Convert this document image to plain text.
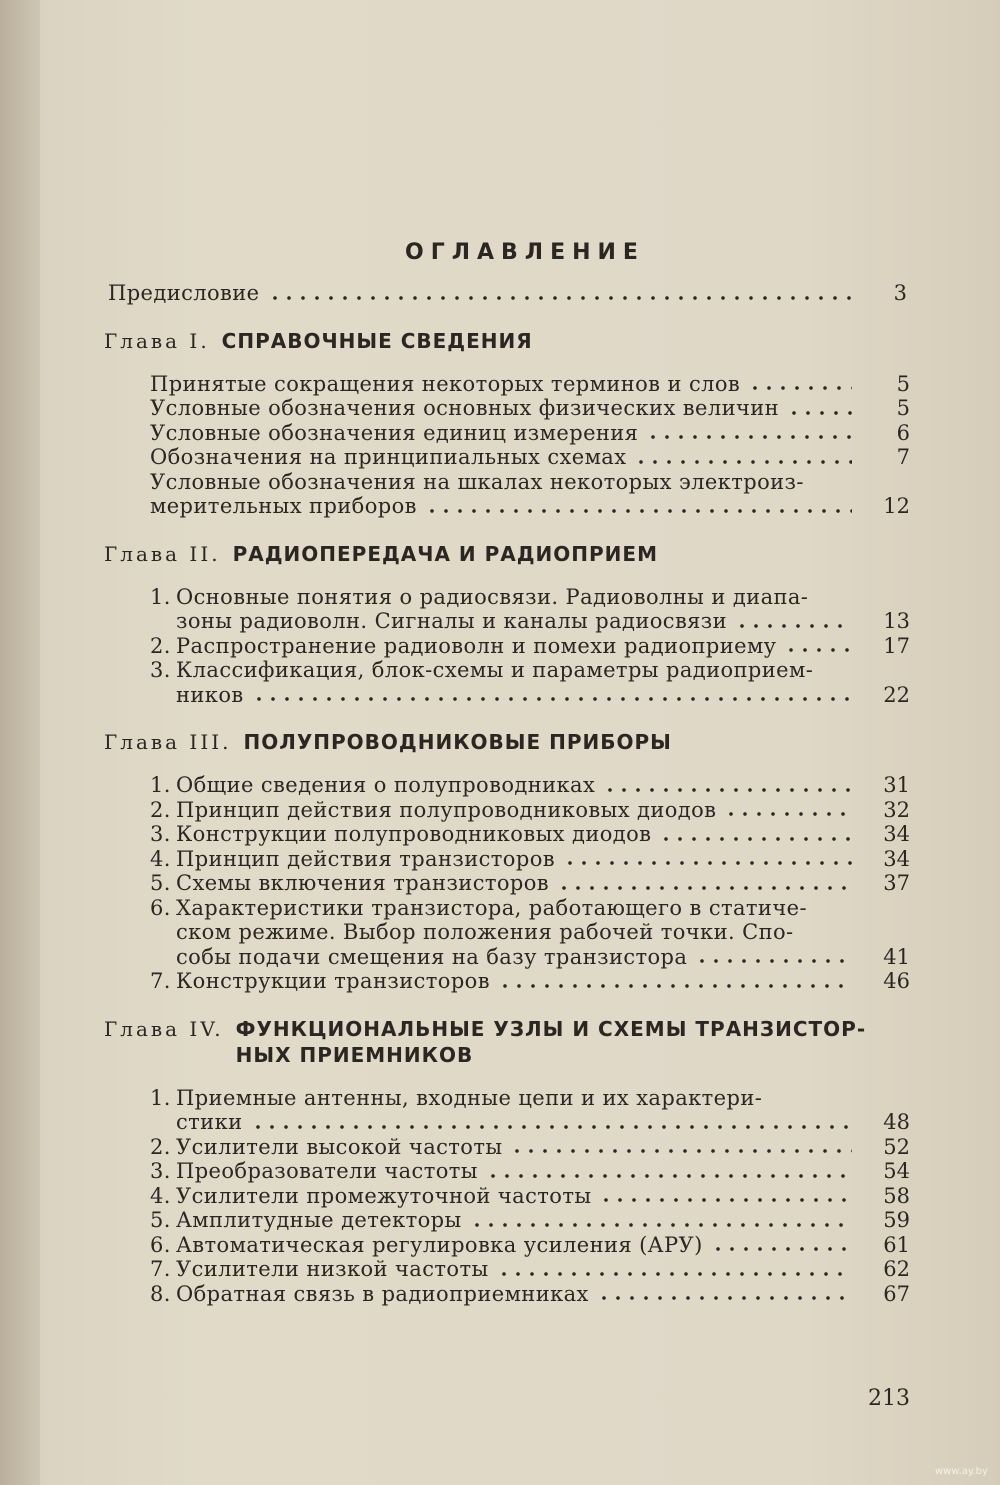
ОГЛАВЛЕНИЕ
Предисловие	3
Глава I. СПРАВОЧНЫЕ СВЕДЕНИЯ
Принятые сокращения некоторых терминов и слов	5
Условные обозначения основных физических величин	5
Условные обозначения единиц измерения	6
Обозначения на принципиальных схемах	7
Условные обозначения на шкалах некоторых электроиз-
мерительных приборов	12
Глава II. РАДИОПЕРЕДАЧА И РАДИОПРИЕМ
1. Основные понятия о радиосвязи. Радиоволны и диапа-
зоны радиоволн. Сигналы и каналы радиосвязи	13
2. Распространение радиоволн и помехи радиоприему	17
3. Классификация, блок-схемы и параметры радиоприем-
ников	22
Глава III. ПОЛУПРОВОДНИКОВЫЕ ПРИБОРЫ
1. Общие сведения о полупроводниках	31
2. Принцип действия полупроводниковых диодов	32
3. Конструкции полупроводниковых диодов	34
4. Принцип действия транзисторов	34
5. Схемы включения транзисторов	37
6. Характеристики транзистора, работающего в статиче-
ском режиме. Выбор положения рабочей точки. Спо-
собы подачи смещения на базу транзистора	41
7. Конструкции транзисторов	46
Глава IV. ФУНКЦИОНАЛЬНЫЕ УЗЛЫ И СХЕМЫ ТРАНЗИСТОР-
НЫХ ПРИЕМНИКОВ
1. Приемные антенны, входные цепи и их характери-
стики	48
2. Усилители высокой частоты	52
3. Преобразователи частоты	54
4. Усилители промежуточной частоты	58
5. Амплитудные детекторы	59
6. Автоматическая регулировка усиления (АРУ)	61
7. Усилители низкой частоты	62
8. Обратная связь в радиоприемниках	67
213
www.ay.by
